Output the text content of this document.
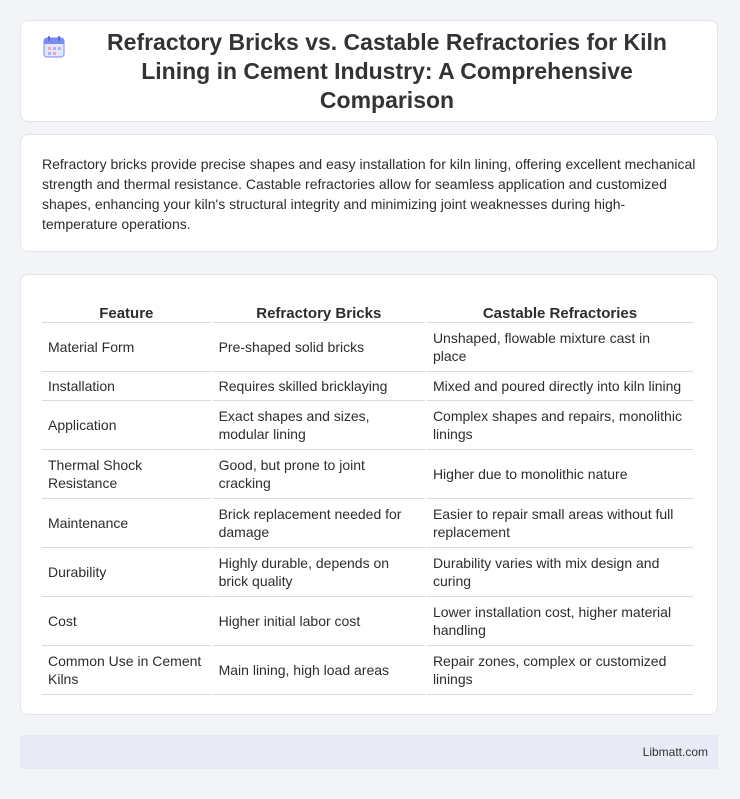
Refractory Bricks vs. Castable Refractories for Kiln Lining in Cement Industry: A Comprehensive Comparison

Refractory bricks provide precise shapes and easy installation for kiln lining, offering excellent mechanical strength and thermal resistance. Castable refractories allow for seamless application and customized shapes, enhancing your kiln's structural integrity and minimizing joint weaknesses during high-temperature operations.

Feature	Refractory Bricks	Castable Refractories
Material Form	Pre-shaped solid bricks	Unshaped, flowable mixture cast in place
Installation	Requires skilled bricklaying	Mixed and poured directly into kiln lining
Application	Exact shapes and sizes, modular lining	Complex shapes and repairs, monolithic linings
Thermal Shock Resistance	Good, but prone to joint cracking	Higher due to monolithic nature
Maintenance	Brick replacement needed for damage	Easier to repair small areas without full replacement
Durability	Highly durable, depends on brick quality	Durability varies with mix design and curing
Cost	Higher initial labor cost	Lower installation cost, higher material handling
Common Use in Cement Kilns	Main lining, high load areas	Repair zones, complex or customized linings
Libmatt.com
